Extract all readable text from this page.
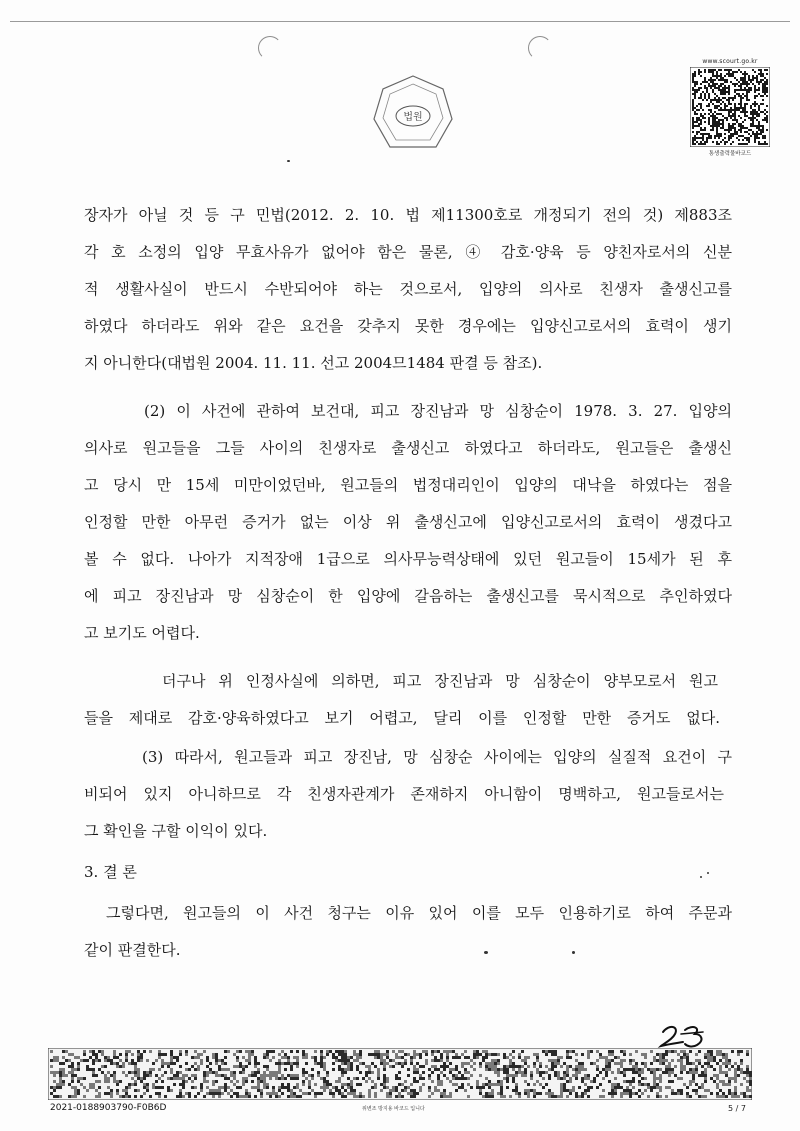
법원
www.scourt.go.kr
통생출력물바코드
장자가 아닐 것 등 구 민법(2012. 2. 10. 법 제11300호로 개정되기 전의 것) 제883조
각 호 소정의 입양 무효사유가 없어야 함은 물론, ④ 감호·양육 등 양친자로서의 신분
적 생활사실이 반드시 수반되어야 하는 것으로서, 입양의 의사로 친생자 출생신고를
하였다 하더라도 위와 같은 요건을 갖추지 못한 경우에는 입양신고로서의 효력이 생기
지 아니한다(대법원 2004. 11. 11. 선고 2004므1484 판결 등 참조).
(2) 이 사건에 관하여 보건대, 피고 장진남과 망 심창순이 1978. 3. 27. 입양의
의사로 원고들을 그들 사이의 친생자로 출생신고 하였다고 하더라도, 원고들은 출생신
고 당시 만 15세 미만이었던바, 원고들의 법정대리인이 입양의 대낙을 하였다는 점을
인정할 만한 아무런 증거가 없는 이상 위 출생신고에 입양신고로서의 효력이 생겼다고
볼 수 없다. 나아가 지적장애 1급으로 의사무능력상태에 있던 원고들이 15세가 된 후
에 피고 장진남과 망 심창순이 한 입양에 갈음하는 출생신고를 묵시적으로 추인하였다
고 보기도 어렵다.
더구나 위 인정사실에 의하면, 피고 장진남과 망 심창순이 양부모로서 원고
들을 제대로 감호·양육하였다고 보기 어렵고, 달리 이를 인정할 만한 증거도 없다.
(3) 따라서, 원고들과 피고 장진남, 망 심창순 사이에는 입양의 실질적 요건이 구
비되어 있지 아니하므로 각 친생자관계가 존재하지 아니함이 명백하고, 원고들로서는
그 확인을 구할 이익이 있다.
3. 결 론
그렇다면, 원고들의 이 사건 청구는 이유 있어 이를 모두 인용하기로 하여 주문과
같이 판결한다.
2021-0188903790-F0B6D	위변조 방지용 바코드 입니다	5 / 7
